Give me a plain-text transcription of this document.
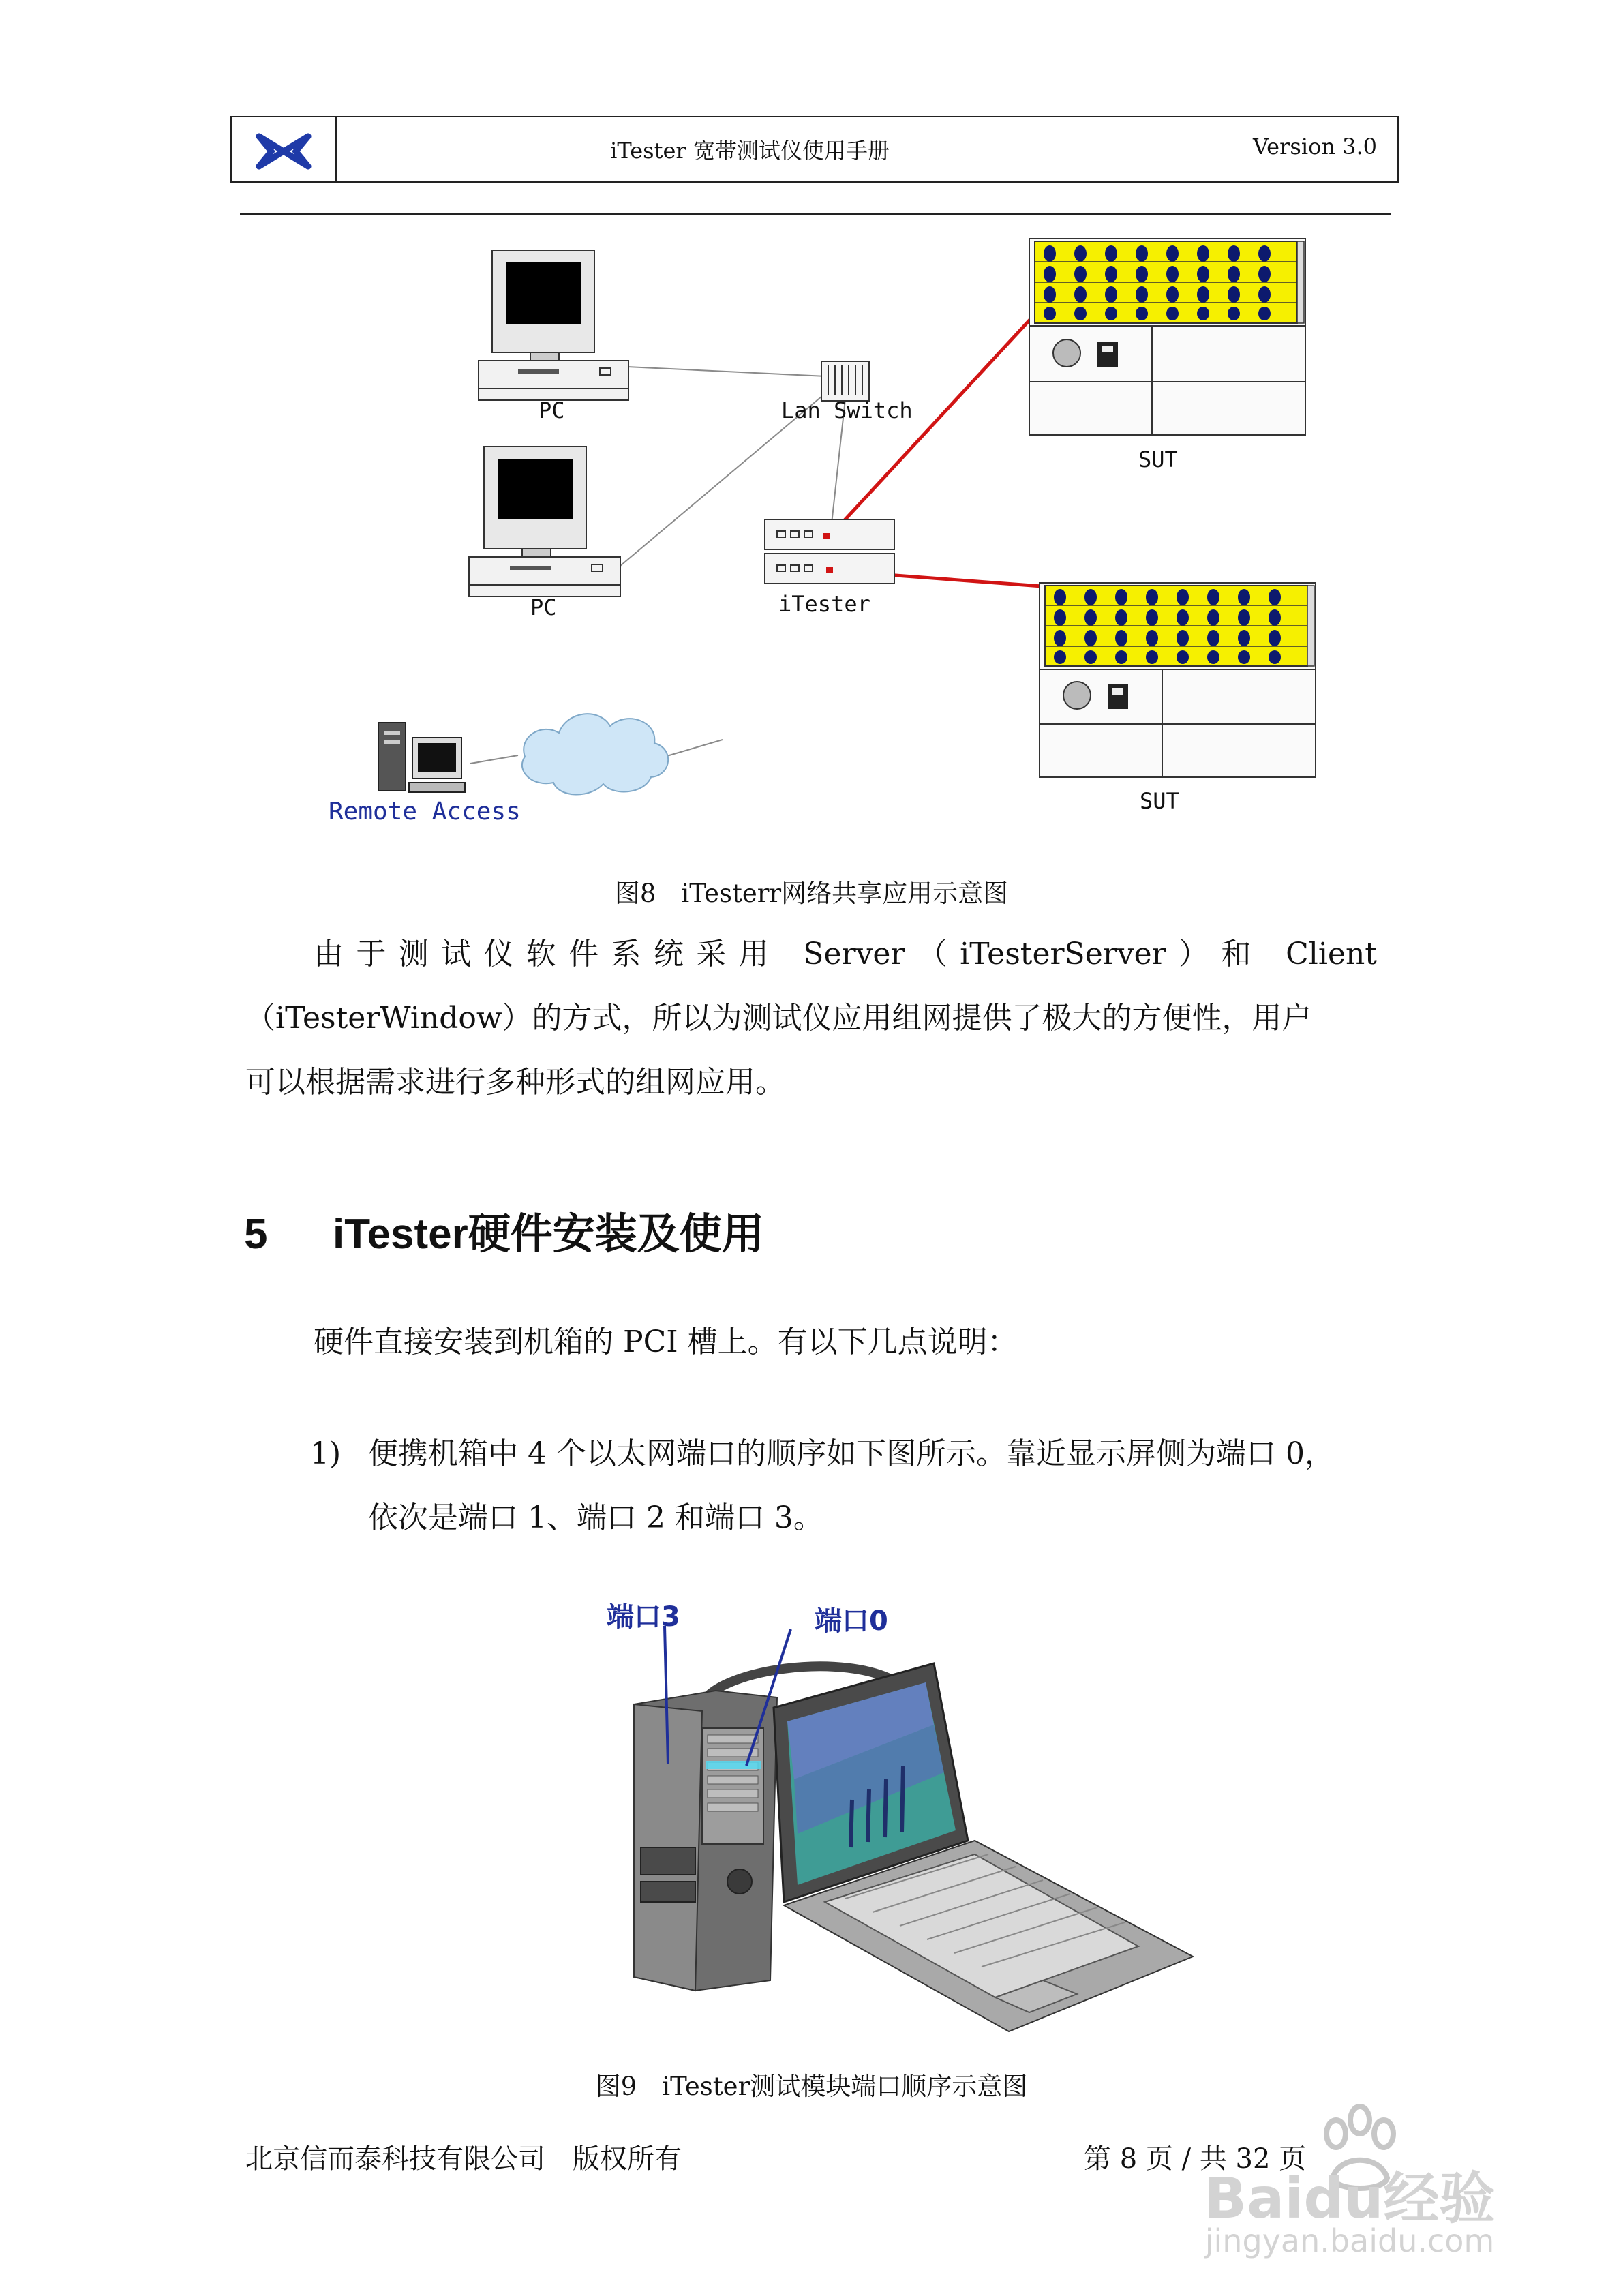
iTester 宽带测试仪使用手册	Version 3.0
PC
PC
Lan Switch
iTester
SUT
SUT
Remote Access
图8　iTesterr网络共享应用示意图
由于测试仪软件系统采用 Server（iTesterServer）和 Client
（iTesterWindow）的方式，所以为测试仪应用组网提供了极大的方便性，用户
可以根据需求进行多种形式的组网应用。
5 iTester硬件安装及使用
硬件直接安装到机箱的 PCI 槽上。有以下几点说明：
1) 便携机箱中 4 个以太网端口的顺序如下图所示。靠近显示屏侧为端口 0，
依次是端口 1、端口 2 和端口 3。
端口3	端口0
图9　iTester测试模块端口顺序示意图
北京信而泰科技有限公司　版权所有	第 8 页 / 共 32 页
Baidu经验
jingyan.baidu.com
